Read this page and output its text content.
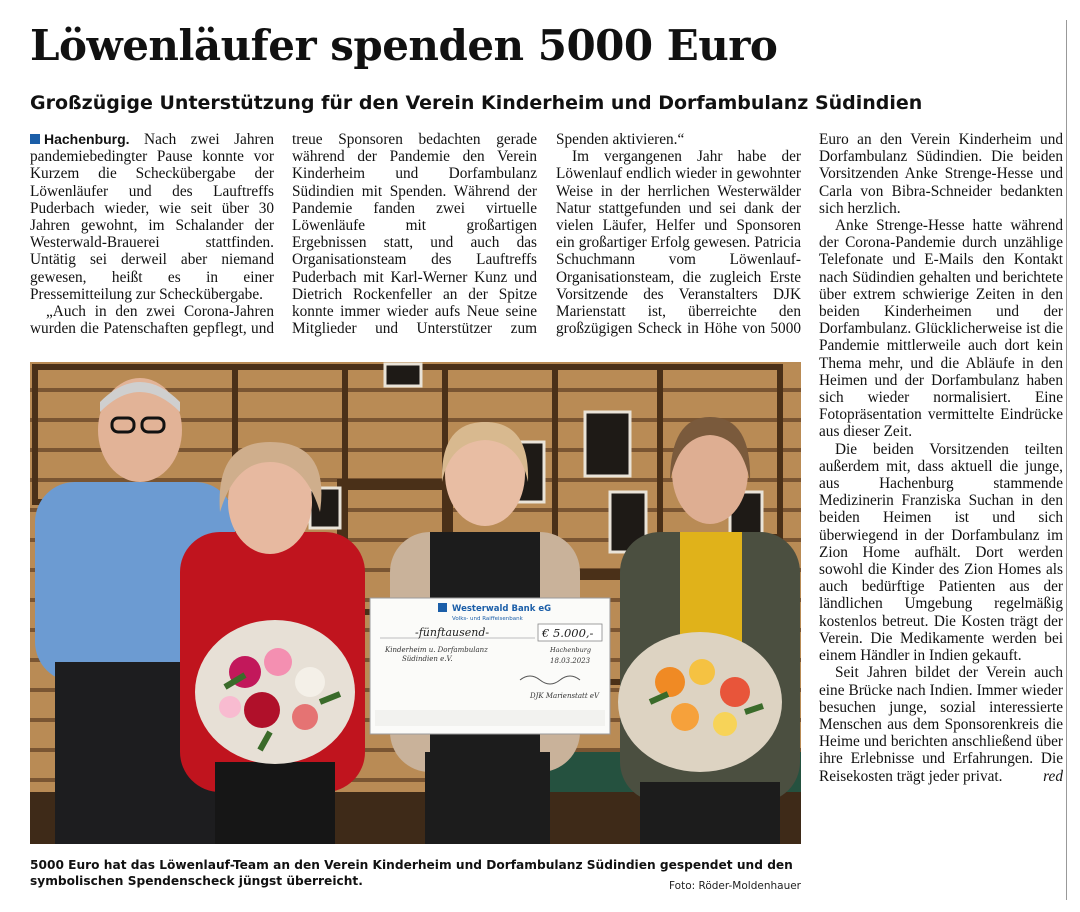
Löwenläufer spenden 5000 Euro
Großzügige Unterstützung für den Verein Kinderheim und Dorfambulanz Südindien

Hachenburg. Nach zwei Jahren pandemiebedingter Pause konnte vor Kurzem die Scheckübergabe der Löwenläufer und des Lauftreffs Puderbach wieder, wie seit über 30 Jahren gewohnt, im Schalander der Westerwald-Brauerei stattfinden. Untätig sei derweil aber niemand gewesen, heißt es in einer Pressemitteilung zur Scheckübergabe.

„Auch in den zwei Corona-Jahren wurden die Patenschaften gepflegt, und

treue Sponsoren bedachten gerade während der Pandemie den Verein Kinderheim und Dorfambulanz Südindien mit Spenden. Während der Pandemie fanden zwei virtuelle Löwenläufe mit großartigen Ergebnissen statt, und auch das Organisationsteam des Lauftreffs Puderbach mit Karl-Werner Kunz und Dietrich Rockenfeller an der Spitze konnte immer wieder aufs Neue seine Mitglieder und Unterstützer zum

Spenden aktivieren.“

Im vergangenen Jahr habe der Löwenlauf endlich wieder in gewohnter Weise in der herrlichen Westerwälder Natur stattgefunden und sei dank der vielen Läufer, Helfer und Sponsoren ein großartiger Erfolg gewesen. Patricia Schuchmann vom Löwenlauf-Organisationsteam, die zugleich Erste Vorsitzende des Veranstalters DJK Marienstatt ist, überreichte den großzügigen Scheck in Höhe von 5000

Euro an den Verein Kinderheim und Dorfambulanz Südindien. Die beiden Vorsitzenden Anke Strenge-Hesse und Carla von Bibra-Schneider bedankten sich herzlich.

Anke Strenge-Hesse hatte während der Corona-Pandemie durch unzählige Telefonate und E-Mails den Kontakt nach Südindien gehalten und berichtete über extrem schwierige Zeiten in den beiden Kinderheimen und der Dorfambulanz. Glücklicherweise ist die Pandemie mittlerweile auch dort kein Thema mehr, und die Abläufe in den Heimen und der Dorfambulanz haben sich wieder normalisiert. Eine Fotopräsentation vermittelte Eindrücke aus dieser Zeit.

Die beiden Vorsitzenden teilten außerdem mit, dass aktuell die junge, aus Hachenburg stammende Medizinerin Franziska Suchan in den beiden Heimen ist und sich überwiegend in der Dorfambulanz im Zion Home aufhält. Dort werden sowohl die Kinder des Zion Homes als auch bedürftige Patienten aus der ländlichen Umgebung regelmäßig kostenlos betreut. Die Kosten trägt der Verein. Die Medikamente werden bei einem Händler in Indien gekauft.

Seit Jahren bildet der Verein auch eine Brücke nach Indien. Immer wieder besuchen junge, sozial interessierte Menschen aus dem Sponsorenkreis die Heime und berichten anschließend über ihre Erlebnisse und Erfahrungen. Die Reisekosten trägt jeder privat.	red

Westerwald Bank eG
Volks- und Raiffeisenbank
-fünftausend-	€ 5.000,-
Kinderheim u. Dorfambulanz
Südindien e.V.
Hachenburg
18.03.2023
DJK Marienstatt eV
5000 Euro hat das Löwenlauf-Team an den Verein Kinderheim und Dorfambulanz Südindien gespendet und den symbolischen Spendenscheck jüngst überreicht.	Foto: Röder-Moldenhauer
